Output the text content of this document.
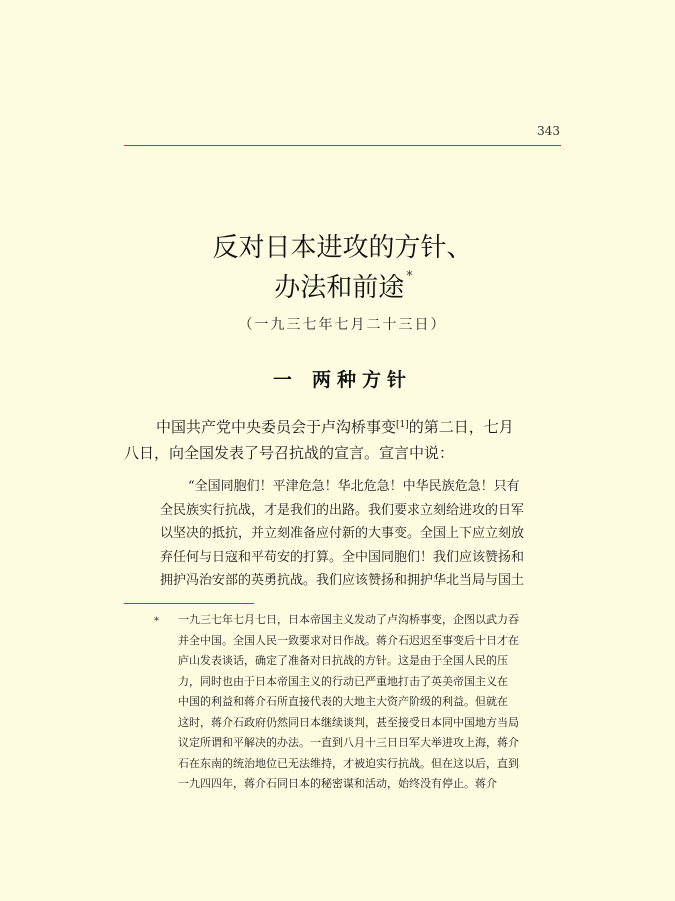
343
反对日本进攻的方针、
办法和前途 *
（一九三七年七月二十三日）
一 两种方针
中国共产党中央委员会于卢沟桥事变[1]的第二日，七月
八日，向全国发表了号召抗战的宣言。宣言中说：
“全国同胞们！平津危急！华北危急！中华民族危急！只有
全民族实行抗战，才是我们的出路。我们要求立刻给进攻的日军
以坚决的抵抗，并立刻准备应付新的大事变。全国上下应立刻放
弃任何与日寇和平苟安的打算。全中国同胞们！我们应该赞扬和
拥护冯治安部的英勇抗战。我们应该赞扬和拥护华北当局与国土
* 一九三七年七月七日，日本帝国主义发动了卢沟桥事变，企图以武力吞
并全中国。全国人民一致要求对日作战。蒋介石迟迟至事变后十日才在
庐山发表谈话，确定了准备对日抗战的方针。这是由于全国人民的压
力，同时也由于日本帝国主义的行动已严重地打击了英美帝国主义在
中国的利益和蒋介石所直接代表的大地主大资产阶级的利益。但就在
这时，蒋介石政府仍然同日本继续谈判，甚至接受日本同中国地方当局
议定所谓和平解决的办法。一直到八月十三日日军大举进攻上海，蒋介
石在东南的统治地位已无法维持，才被迫实行抗战。但在这以后，直到
一九四四年，蒋介石同日本的秘密谋和活动，始终没有停止。蒋介
